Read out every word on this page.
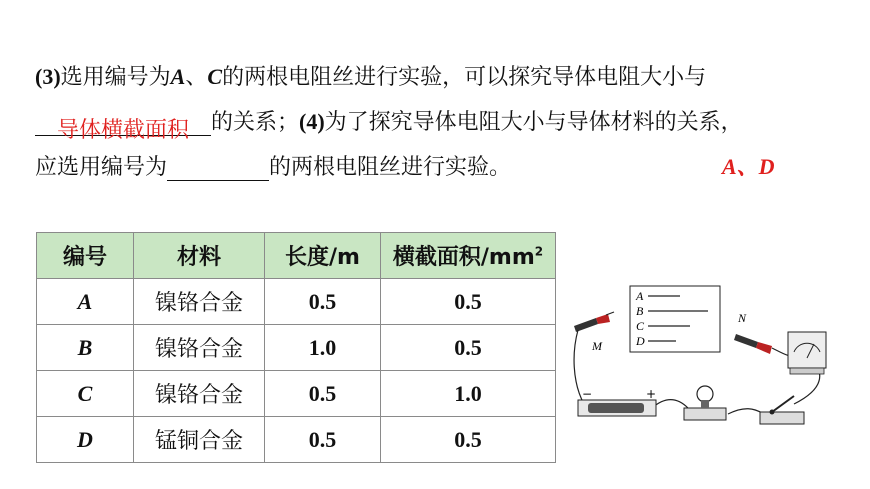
(3)选用编号为A、C的两根电阻丝进行实验，可以探究导体电阻大小与
导体横截面积 的关系；(4)为了探究导体电阻大小与导体材料的关系，
应选用编号为	的两根电阻丝进行实验。	A、D
编号	材料	长度/m	横截面积$/mm^2$
A	镍铬合金	0.5	0.5
B	镍铬合金	1.0	0.5
C	镍铬合金	0.5	1.0
D	锰铜合金	0.5	0.5
A
B
C
D
M
N
−	+
